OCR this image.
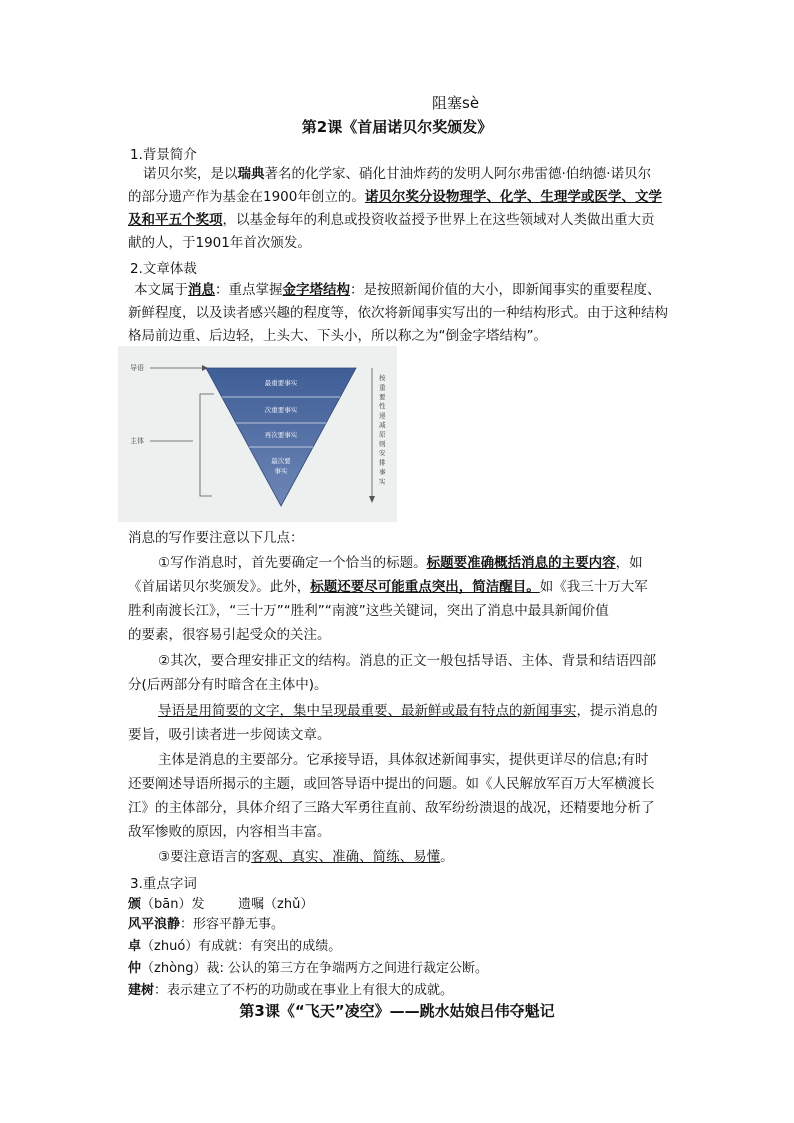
阻塞sè
第2课《首届诺贝尔奖颁发》
1.背景简介
诺贝尔奖，是以瑞典著名的化学家、硝化甘油炸药的发明人阿尔弗雷德·伯纳德·诺贝尔
的部分遗产作为基金在1900年创立的。诺贝尔奖分设物理学、化学、生理学或医学、文学
及和平五个奖项，以基金每年的利息或投资收益授予世界上在这些领域对人类做出重大贡
献的人，于1901年首次颁发。
2.文章体裁
本文属于消息：重点掌握金字塔结构：是按照新闻价值的大小，即新闻事实的重要程度、
新鲜程度，以及读者感兴趣的程度等，依次将新闻事实写出的一种结构形式。由于这种结构
格局前边重、后边轻，上头大、下头小，所以称之为“倒金字塔结构”。
导语
主体
最重要事实
次重要事实
再次要事实
最次要
事实
按
重
要
性
递
减
原
则
安
排
事
实
消息的写作要注意以下几点：
①写作消息时，首先要确定一个恰当的标题。标题要准确概括消息的主要内容，如
《首届诺贝尔奖颁发》。此外，标题还要尽可能重点突出，简洁醒目。如《我三十万大军
胜利南渡长江》，“三十万”“胜利”“南渡”这些关键词，突出了消息中最具新闻价值
的要素，很容易引起受众的关注。
②其次，要合理安排正文的结构。消息的正文一般包括导语、主体、背景和结语四部
分(后两部分有时暗含在主体中)。
导语是用简要的文字，集中呈现最重要、最新鲜或最有特点的新闻事实，提示消息的
要旨，吸引读者进一步阅读文章。
主体是消息的主要部分。它承接导语，具体叙述新闻事实，提供更详尽的信息;有时
还要阐述导语所揭示的主题，或回答导语中提出的问题。如《人民解放军百万大军横渡长
江》的主体部分，具体介绍了三路大军勇往直前、敌军纷纷溃退的战况，还精要地分析了
敌军惨败的原因，内容相当丰富。
③要注意语言的客观、真实、准确、简练、易懂。
3.重点字词
颁（bān）发	遗嘱（zhǔ）
风平浪静：形容平静无事。
卓（zhuó）有成就：有突出的成绩。
仲（zhòng）裁: 公认的第三方在争端两方之间进行裁定公断。
建树：表示建立了不朽的功勋或在事业上有很大的成就。
第3课《“飞天”凌空》——跳水姑娘吕伟夺魁记
